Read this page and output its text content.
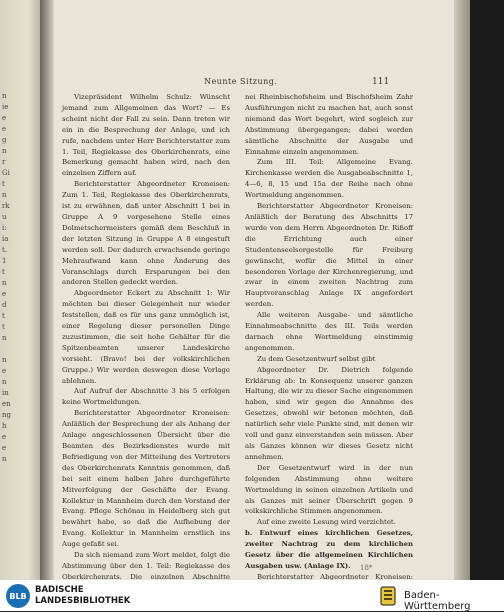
n
ie
e
e
g
n
r
Gi
t
n
rk
u
i:
ia
t.
1
t
n
e
d
t
t
n
n
e
n
in
en
ng
h
e
e
n
Neunte Sitzung.	111

Vizepräsident Wilhelm Schulz: Wünscht jemand zum Allgemeinen das Wort? — Es scheint nicht der Fall zu sein. Dann treten wir ein in die Besprechung der Anlage, und ich rufe, nachdem unter Herr Berichterstatter zum 1. Teil, Regiekasse des Oberkirchenrats, eine Bemerkung gemacht haben wird, nach den einzelnen Ziffern auf.

Berichterstatter Abgeordneter Kroneisen: Zum 1. Teil, Regiekasse des Oberkirchenrats, ist zu erwähnen, daß unter Abschnitt 1 bei in Gruppe A 9 vorgesehene Stelle eines Dolmetschermeisters gemäß dem Beschluß in der letzten Sitzung in Gruppe A 8 eingestuft werden soll. Der dadurch erwachsende geringe Mehraufwand kann ohne Änderung des Voranschlags durch Ersparungen bei den anderen Stellen gedeckt werden.

Abgeordneter Eckert zu Abschnitt 1: Wir möchten bei dieser Gelegenheit nur wieder feststellen, daß es für uns ganz unmöglich ist, einer Regelung dieser personellen Dinge zuzustimmen, die seit hohe Gehälter für die Spitzenbeamten unserer Landeskirche vorsieht. (Bravo! bei der volkskirchlichen Gruppe.) Wir werden deswegen diese Vorlage ablehnen.

Auf Aufruf der Abschnitte 3 bis 5 erfolgen keine Wortmeldungen.

Berichterstatter Abgeordneter Kroneisen: Anläßlich der Besprechung der als Anhang der Anlage angeschlossenen Übersicht über die Beamten des Bezirksdienstes wurde mit Befriedigung von der Mitteilung des Vertreters des Oberkirchenrats Kenntnis genommen, daß bei seit einem halben Jahre durchgeführte Mitverfolgung der Geschäfte der Evang. Kollektur in Mannheim durch den Vorstand der Evang. Pflege Schönau in Heidelberg sich gut bewährt habe, so daß die Aufhebung der Evang. Kollektur in Mannheim ernstlich ins Auge gefaßt sei.

Da sich niemand zum Wort meldet, folgt die Abstimmung über den 1. Teil: Regiekasse des Oberkirchenrats. Die einzelnen Abschnitte

nei Rheinbischofsheim und Bischofsheim Zahr Ausführungen nicht zu machen hat, auch sonst niemand das Wort begehrt, wird sogleich zur Abstimmung übergegangen; dabei werden sämtliche Abschnitte der Ausgabe und Einnahme einzeln angenommen.

Zum III. Teil: Allgemeine Evang. Kirchenkasse werden die Ausgabeabschnitte 1, 4—6, 8, 15 und 15a der Reihe nach ohne Wortmeldung angenommen.

Berichterstatter Abgeordneter Kroneisen: Anläßlich der Beratung des Abschnitts 17 wurde von dem Herrn Abgeordneten Dr. Rißoff die Errichtung auch einer Studentenseelsorgestelle für Freiburg gewünscht, wofür die Mittel in einer besonderen Vorlage der Kirchenregierung, und zwar in einem zweiten Nachtrag zum Hauptvoranschlag Anlage IX angefordert werden.

Alle weiteren Ausgabe- und sämtliche Einnahmeabschnitte des III. Teils werden darnach ohne Wortmeldung einstimmig angenommen.

Zu dem Gesetzentwurf selbst gibt

Abgeordneter Dr. Dietrich folgende Erklärung ab: In Konsequenz unserer ganzen Haltung, die wir zu dieser Sache eingenommen haben, sind wir gegen die Annahme des Gesetzes, obwohl wir betonen möchten, daß natürlich sehr viele Punkte sind, mit denen wir voll und ganz einverstanden sein müssen. Aber als Ganzes können wir dieses Gesetz nicht annehmen.

Der Gesetzentwurf wird in der nun folgenden Abstimmung ohne weitere Wortmeldung in seinen einzelnen Artikeln und als Ganzes mit seiner Überschrift gegen 9 volkskirchliche Stimmen angenommen.

Auf eine zweite Lesung wird verzichtet.

b. Entwurf eines kirchlichen Gesetzes, zweiter Nachtrag zu dem kirchlichen Gesetz über die allgemeinen Kirchlichen Ausgaben usw. (Anlage IX).

Berichterstatter Abgeordneter Kroneisen:

18*
BLB
BADISCHE
LANDESBIBLIOTHEK	Baden-Württemberg
